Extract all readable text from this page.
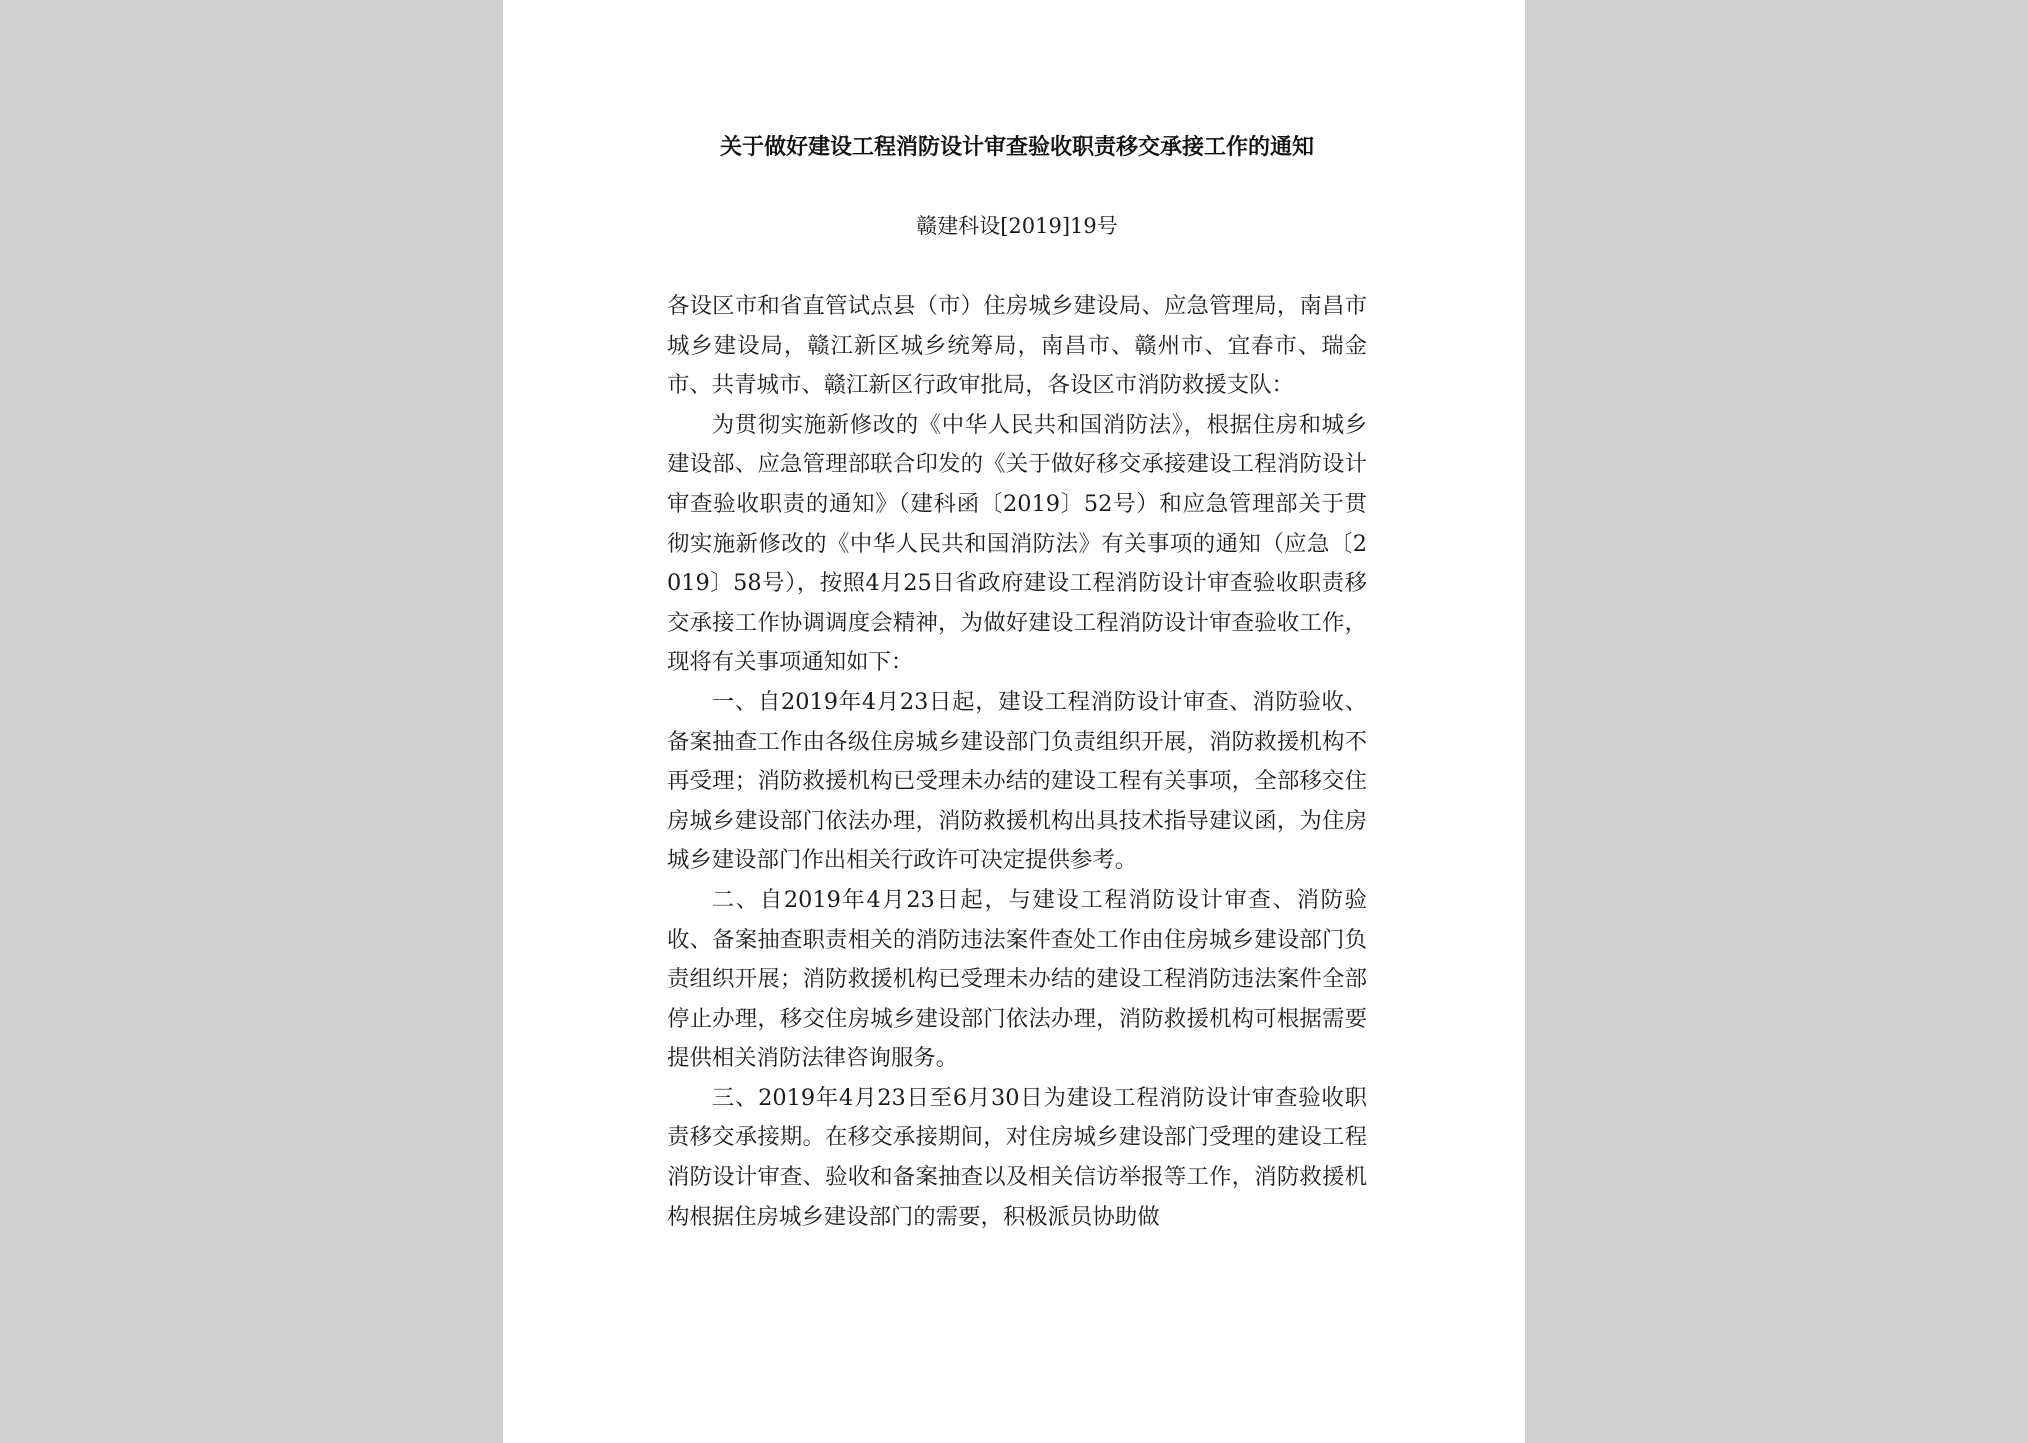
关于做好建设工程消防设计审查验收职责移交承接工作的通知
赣建科设[2019]19号

各设区市和省直管试点县（市）住房城乡建设局、应急管理局，南昌市城乡建设局，赣江新区城乡统筹局，南昌市、赣州市、宜春市、瑞金市、共青城市、赣江新区行政审批局，各设区市消防救援支队：

为贯彻实施新修改的《中华人民共和国消防法》，根据住房和城乡建设部、应急管理部联合印发的《关于做好移交承接建设工程消防设计审查验收职责的通知》（建科函〔2019〕52号）和应急管理部关于贯彻实施新修改的《中华人民共和国消防法》有关事项的通知（应急〔2019〕58号），按照4月25日省政府建设工程消防设计审查验收职责移交承接工作协调调度会精神，为做好建设工程消防设计审查验收工作，现将有关事项通知如下：

一、自2019年4月23日起，建设工程消防设计审查、消防验收、备案抽查工作由各级住房城乡建设部门负责组织开展，消防救援机构不再受理；消防救援机构已受理未办结的建设工程有关事项，全部移交住房城乡建设部门依法办理，消防救援机构出具技术指导建议函，为住房城乡建设部门作出相关行政许可决定提供参考。

二、自2019年4月23日起，与建设工程消防设计审查、消防验收、备案抽查职责相关的消防违法案件查处工作由住房城乡建设部门负责组织开展；消防救援机构已受理未办结的建设工程消防违法案件全部停止办理，移交住房城乡建设部门依法办理，消防救援机构可根据需要提供相关消防法律咨询服务。

三、2019年4月23日至6月30日为建设工程消防设计审查验收职责移交承接期。在移交承接期间，对住房城乡建设部门受理的建设工程消防设计审查、验收和备案抽查以及相关信访举报等工作，消防救援机构根据住房城乡建设部门的需要，积极派员协助做
